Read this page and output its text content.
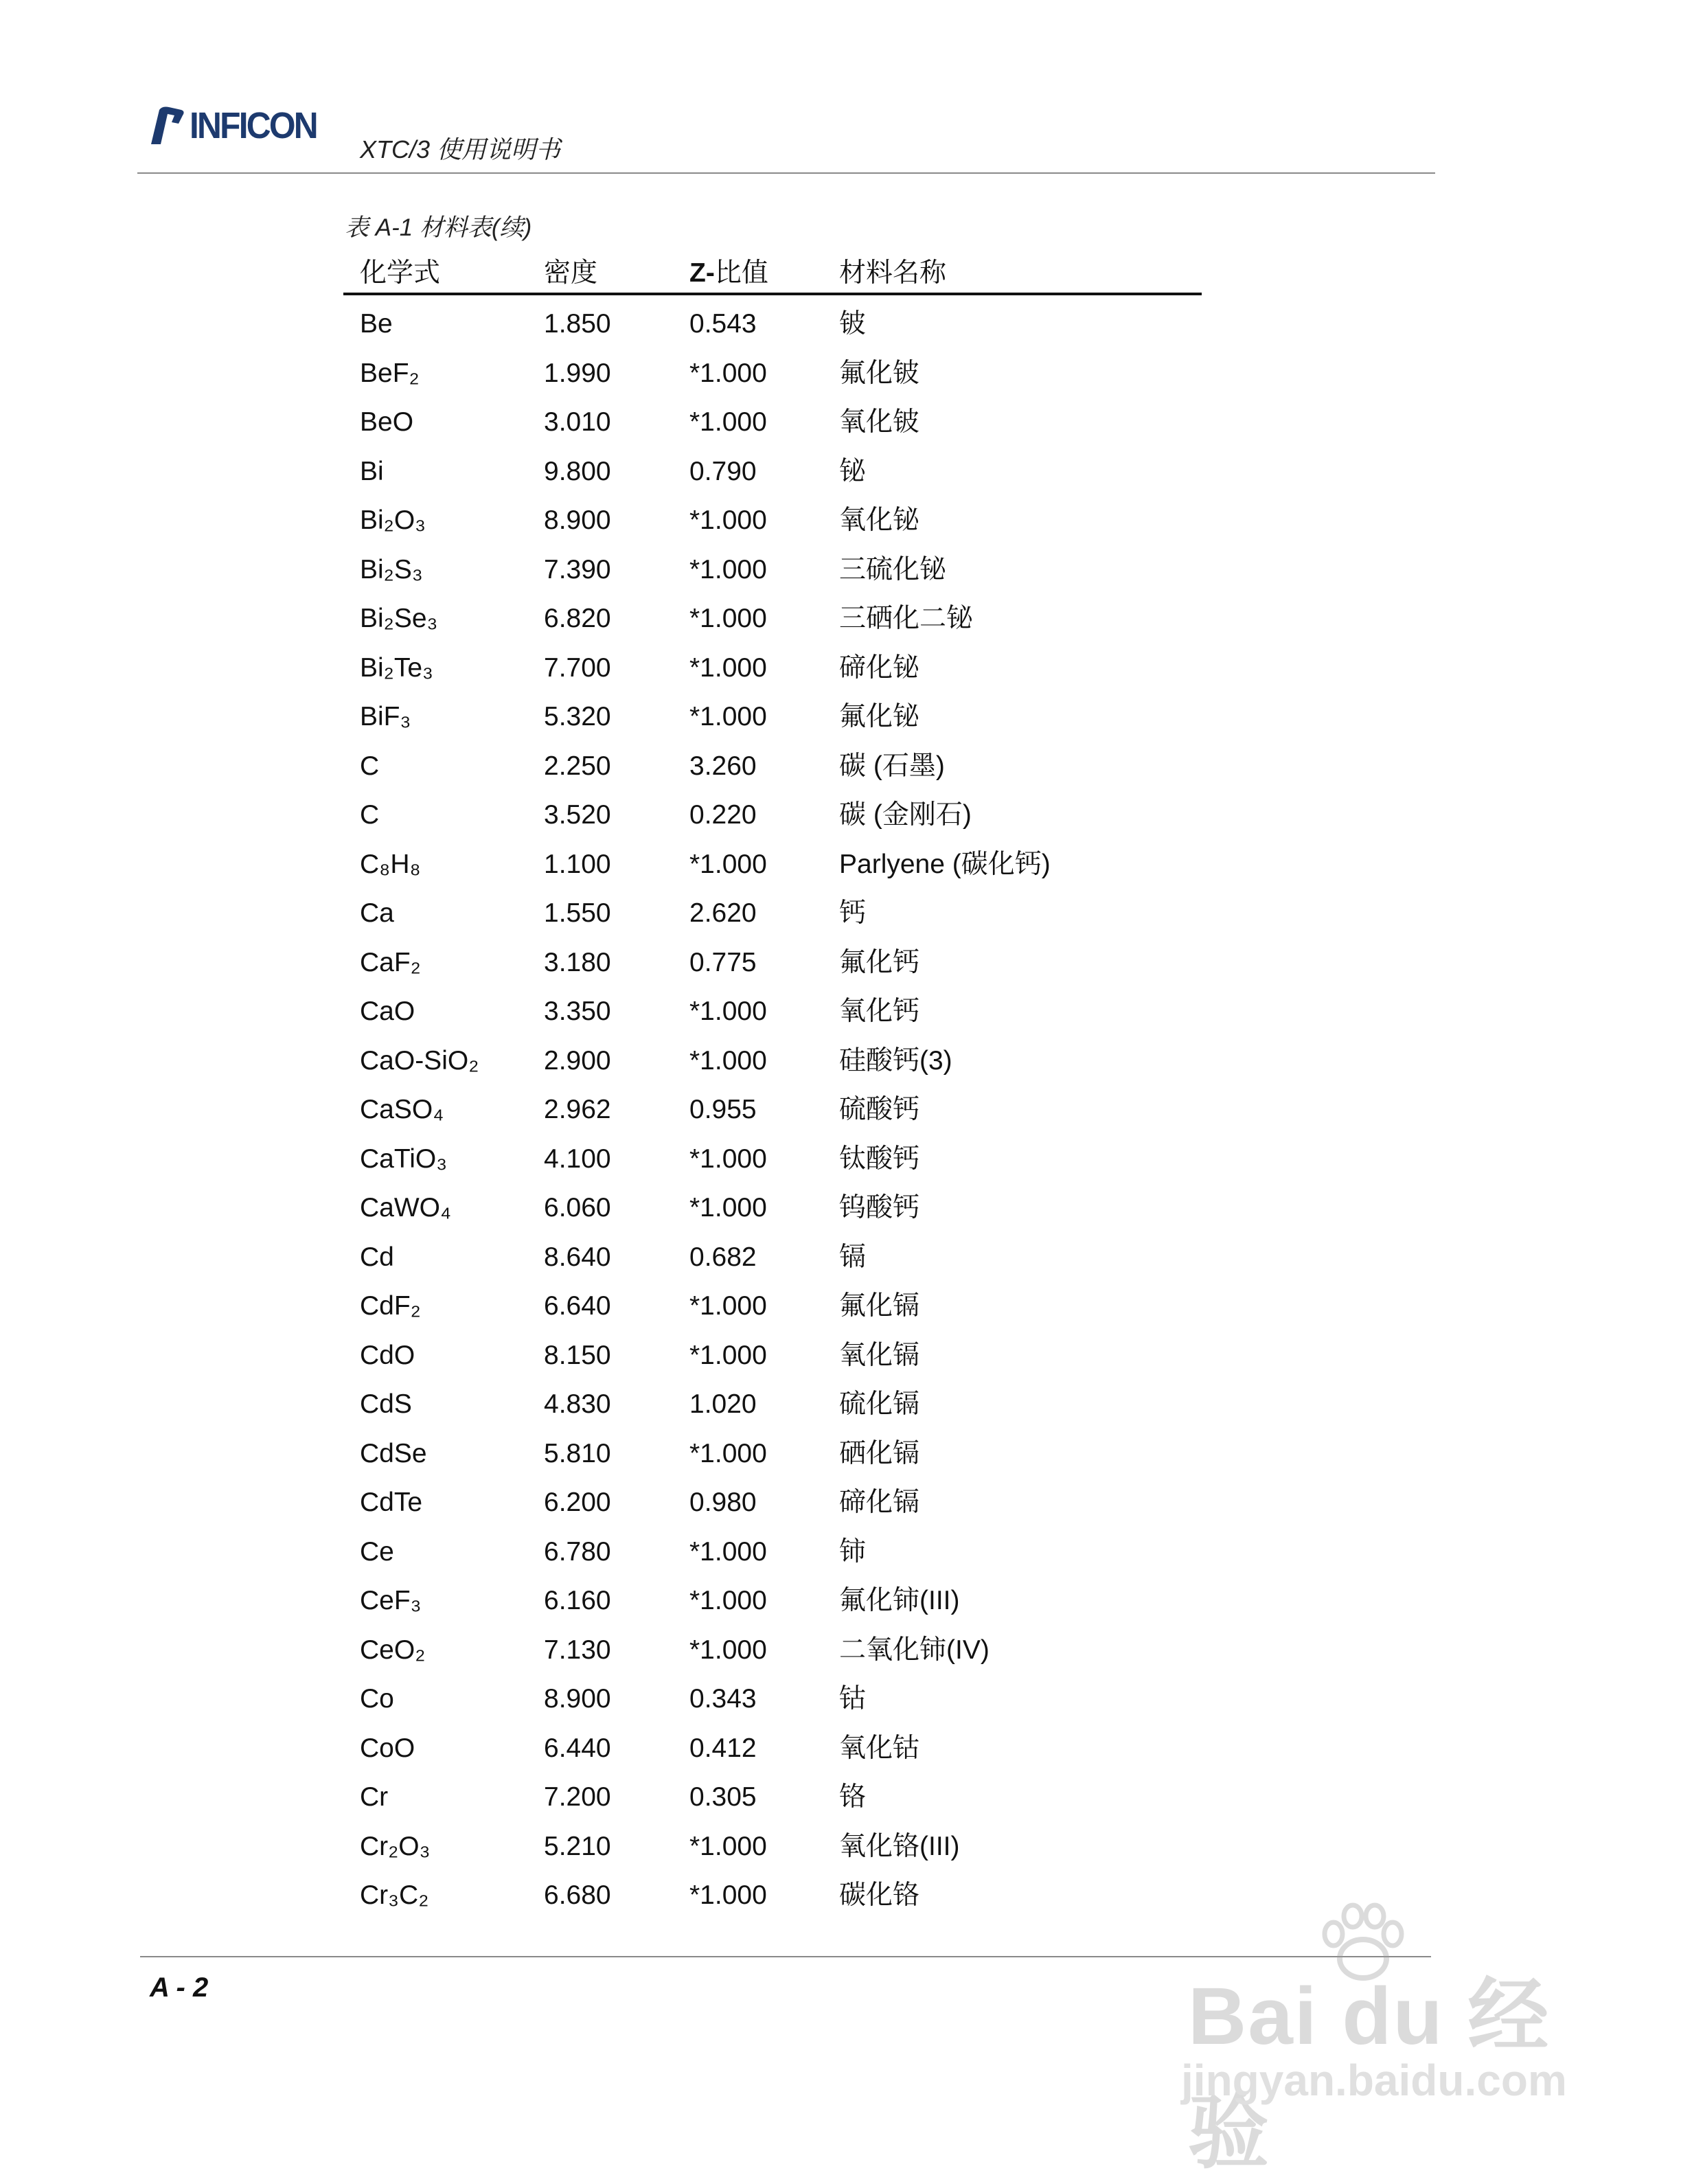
INFICON
XTC/3 使用说明书
表 A-1 材料表(续)
化学式	密度	Z-比值	材料名称
Be	1.850	0.543	铍
BeF₂	1.990	*1.000	氟化铍
BeO	3.010	*1.000	氧化铍
Bi	9.800	0.790	铋
Bi₂O₃	8.900	*1.000	氧化铋
Bi₂S₃	7.390	*1.000	三硫化铋
Bi₂Se₃	6.820	*1.000	三硒化二铋
Bi₂Te₃	7.700	*1.000	碲化铋
BiF₃	5.320	*1.000	氟化铋
C	2.250	3.260	碳 (石墨)
C	3.520	0.220	碳 (金刚石)
C₈H₈	1.100	*1.000	Parlyene (碳化钙)
Ca	1.550	2.620	钙
CaF₂	3.180	0.775	氟化钙
CaO	3.350	*1.000	氧化钙
CaO-SiO₂ 2.900	*1.000	硅酸钙(3)
CaSO₄	2.962	0.955	硫酸钙
CaTiO₃	4.100	*1.000	钛酸钙
CaWO₄	6.060	*1.000	钨酸钙
Cd	8.640	0.682	镉
CdF₂	6.640	*1.000	氟化镉
CdO	8.150	*1.000	氧化镉
CdS	4.830	1.020	硫化镉
CdSe	5.810	*1.000	硒化镉
CdTe	6.200	0.980	碲化镉
Ce	6.780	*1.000	铈
CeF₃	6.160	*1.000	氟化铈(III)
CeO₂	7.130	*1.000	二氧化铈(IV)
Co	8.900	0.343	钴
CoO	6.440	0.412	氧化钴
Cr	7.200	0.305	铬
Cr₂O₃	5.210	*1.000	氧化铬(III)
Cr₃C₂	6.680	*1.000	碳化铬
A - 2	Bai du 经验
jingyan.baidu.com
